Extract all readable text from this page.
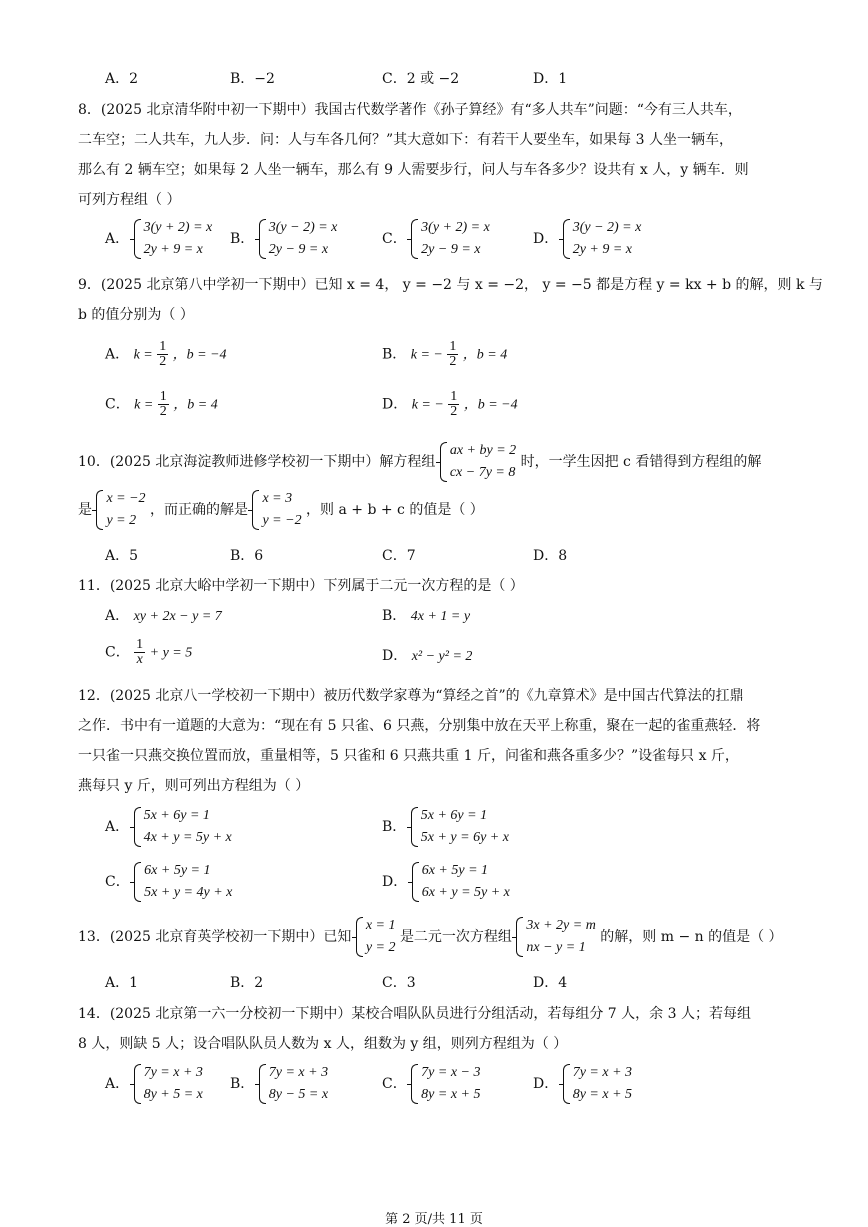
A．2	B．−2	C．2 或 −2	D．1
8．(2025 北京清华附中初一下期中）我国古代数学著作《孙子算经》有“多人共车”问题：“今有三人共车，
二车空；二人共车，九人步．问：人与车各几何？”其大意如下：有若干人要坐车，如果每 3 人坐一辆车，
那么有 2 辆车空；如果每 2 人坐一辆车，那么有 9 人需要步行，问人与车各多少？设共有 x 人，y 辆车．则
可列方程组（ ）
A． 3(y + 2) = x
2y + 9 = x
B． 3(y − 2) = x
2y − 9 = x
C． 3(y + 2) = x
2y − 9 = x
D． 3(y − 2) = x
2y + 9 = x
9．(2025 北京第八中学初一下期中）已知 x = 4， y = −2 与 x = −2， y = −5 都是方程 y = kx + b 的解，则 k 与
b 的值分别为（ ）
A． $k = \frac{1}{2}$ ，b = −4	B． k = − $\frac{1}{2}$ ，b = 4
C． $k = \frac{1}{2}$ ，b = 4	D． k = − $\frac{1}{2}$ ，b = −4
10．(2025 北京海淀教师进修学校初一下期中）解方程组 ax + by = 2
cx − 7y = 8 时，一学生因把 c 看错得到方程组的解
是 x = −2
y = 2 ，而正确的解是 x = 3
y = −2 ，则 a + b + c 的值是（ ）
A．5	B．6	C．7	D．8
11．(2025 北京大峪中学初一下期中）下列属于二元一次方程的是（ ）
A． xy + 2x − y = 7	B． 4x + 1 = y
C． $\frac{1}{x} + y = 5$	D． x² − y² = 2
12．(2025 北京八一学校初一下期中）被历代数学家尊为“算经之首”的《九章算术》是中国古代算法的扛鼎
之作．书中有一道题的大意为：“现在有 5 只雀、6 只燕，分别集中放在天平上称重，聚在一起的雀重燕轻．将
一只雀一只燕交换位置而放，重量相等，5 只雀和 6 只燕共重 1 斤，问雀和燕各重多少？”设雀每只 x 斤，
燕每只 y 斤，则可列出方程组为（ ）
A． 5x + 6y = 1
4x + y = 5y + x
B． 5x + 6y = 1
5x + y = 6y + x
C． 6x + 5y = 1
5x + y = 4y + x
D． 6x + 5y = 1
6x + y = 5y + x
13．(2025 北京育英学校初一下期中）已知 x = 1
y = 2 是二元一次方程组 3x + 2y = m
nx − y = 1 的解，则 m − n 的值是（ ）
A．1	B．2	C．3	D．4
14．(2025 北京第一六一分校初一下期中）某校合唱队队员进行分组活动，若每组分 7 人，余 3 人；若每组
8 人，则缺 5 人；设合唱队队员人数为 x 人，组数为 y 组，则列方程组为（ ）
A． 7y = x + 3
8y + 5 = x
B． 7y = x + 3
8y − 5 = x
C． 7y = x − 3
8y = x + 5
D． 7y = x + 3
8y = x + 5
第 2 页/共 11 页
